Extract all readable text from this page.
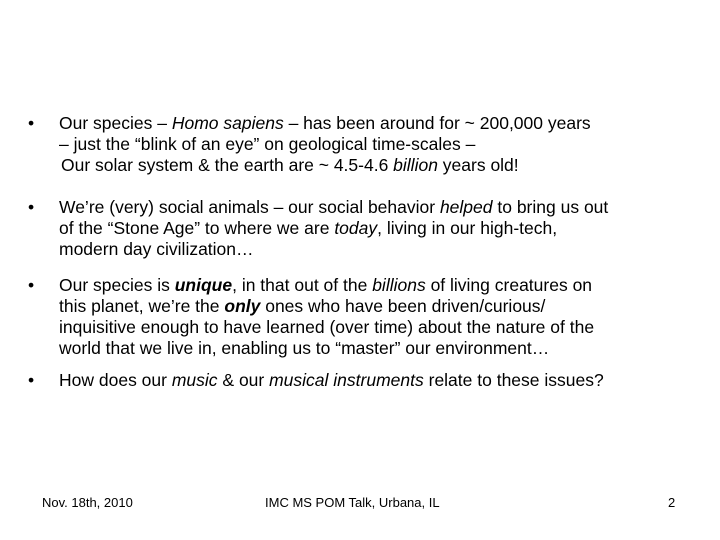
•	Our species – Homo sapiens – has been around for ~ 200,000 years
– just the “blink of an eye” on geological time-scales –
Our solar system & the earth are ~ 4.5-4.6 billion years old!
•	We’re (very) social animals – our social behavior helped to bring us out
of the “Stone Age” to where we are today, living in our high-tech,
modern day civilization…
•	Our species is unique, in that out of the billions of living creatures on
this planet, we’re the only ones who have been driven/curious/
inquisitive enough to have learned (over time) about the nature of the
world that we live in, enabling us to “master” our environment…
•	How does our music & our musical instruments relate to these issues?
Nov. 18th, 2010	IMC MS POM Talk, Urbana, IL	2
